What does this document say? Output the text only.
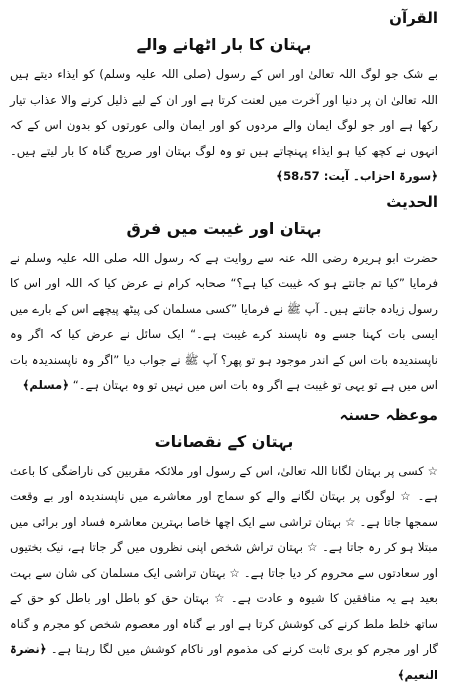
القرآن
بہتان کا بار اٹھانے والے

بے شک جو لوگ اللہ تعالیٰ اور اس کے رسول (صلی اللہ علیہ وسلم) کو ایذاء دیتے ہیں اللہ تعالیٰ ان پر دنیا اور آخرت میں لعنت کرتا ہے اور ان کے لیے ذلیل کرنے والا عذاب تیار رکھا ہے اور جو لوگ ایمان والے مردوں کو اور ایمان والی عورتوں کو بدون اس کے کہ انہوں نے کچھ کیا ہو ایذاء پہنچاتے ہیں تو وہ لوگ بہتان اور صریح گناہ کا بار لیتے ہیں۔ ﴿سورۃ احزاب۔ آیت: 58،57﴾

الحدیث
بہتان اور غیبت میں فرق

حضرت ابو ہریرہ رضی اللہ عنہ سے روایت ہے کہ رسول اللہ صلی اللہ علیہ وسلم نے فرمایا ”کیا تم جانتے ہو کہ غیبت کیا ہے؟“ صحابہ کرام نے عرض کیا کہ اللہ اور اس کا رسول زیادہ جانتے ہیں۔ آپ ﷺ نے فرمایا ”کسی مسلمان کی پیٹھ پیچھے اس کے بارے میں ایسی بات کہنا جسے وہ ناپسند کرے غیبت ہے۔“ ایک سائل نے عرض کیا کہ اگر وہ ناپسندیدہ بات اس کے اندر موجود ہو تو پھر؟ آپ ﷺ نے جواب دیا ”اگر وہ ناپسندیدہ بات اس میں ہے تو یہی تو غیبت ہے اگر وہ بات اس میں نہیں تو وہ بہتان ہے۔“ ﴿مسلم﴾

موعظہ حسنہ
بہتان کے نقصانات

☆ کسی پر بہتان لگانا اللہ تعالیٰ، اس کے رسول اور ملائکہ مقربین کی ناراضگی کا باعث ہے۔ ☆ لوگوں پر بہتان لگانے والے کو سماج اور معاشرے میں ناپسندیدہ اور بے وقعت سمجھا جاتا ہے۔ ☆ بہتان تراشی سے ایک اچھا خاصا بہترین معاشرہ فساد اور برائی میں مبتلا ہو کر رہ جاتا ہے۔ ☆ بہتان تراش شخص اپنی نظروں میں گر جاتا ہے، نیک بختیوں اور سعادتوں سے محروم کر دیا جاتا ہے۔ ☆ بہتان تراشی ایک مسلمان کی شان سے بہت بعید ہے یہ منافقین کا شیوہ و عادت ہے۔ ☆ بہتان حق کو باطل اور باطل کو حق کے ساتھ خلط ملط کرنے کی کوشش کرتا ہے اور بے گناہ اور معصوم شخص کو مجرم و گناہ گار اور مجرم کو بری ثابت کرنے کی مذموم اور ناکام کوشش میں لگا رہتا ہے۔ ﴿نضرۃ النعیم﴾
